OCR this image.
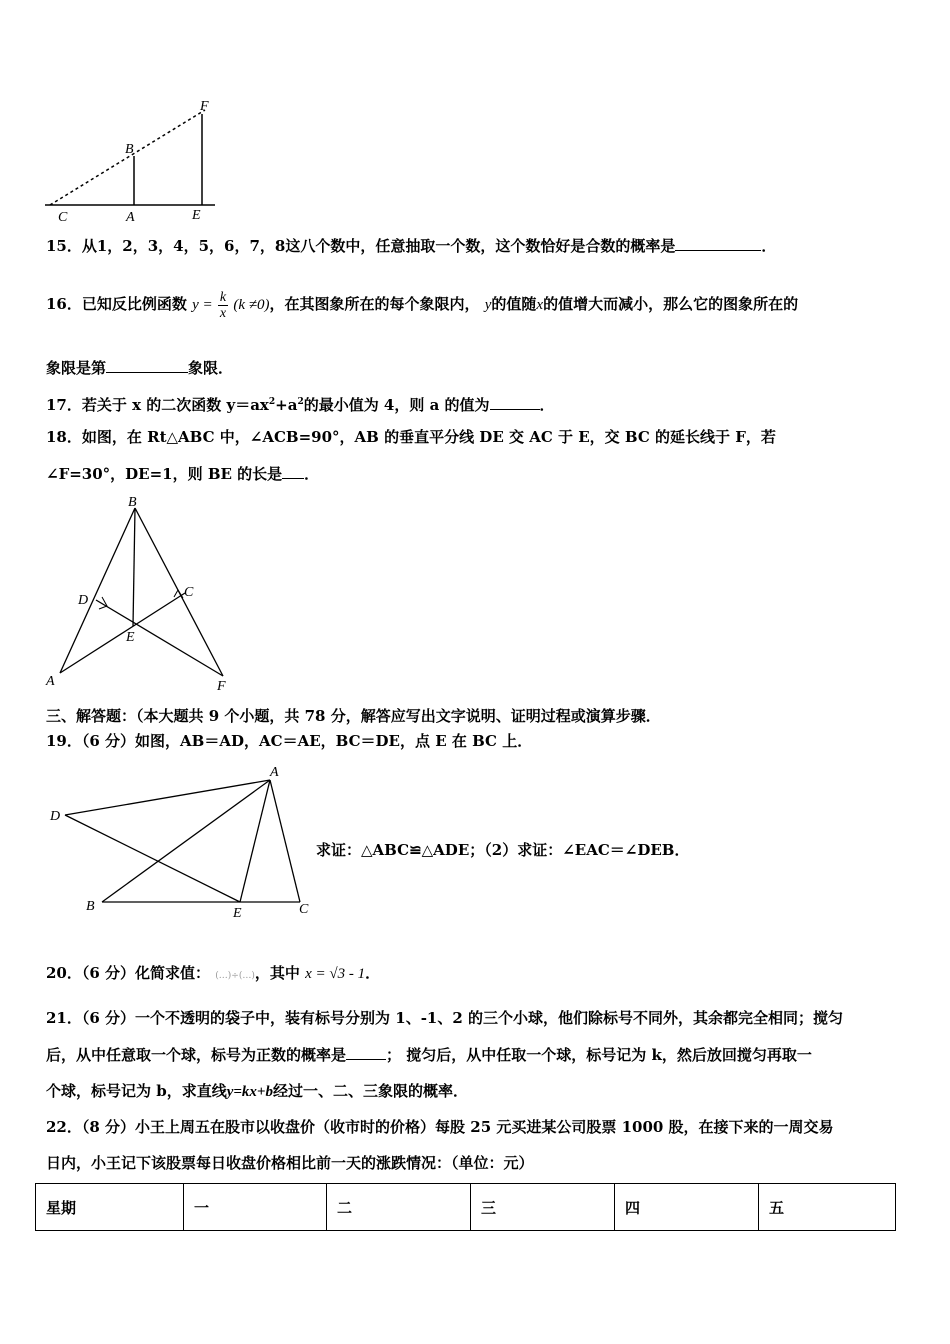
C	A	E
B
F
15．从1，2，3，4，5，6，7，8这八个数中，任意抽取一个数，这个数恰好是合数的概率是	．
16．已知反比例函数 $y = \frac{k}{x} (k \ne 0)$，在其图象所在的每个象限内， y的值随x的值增大而减小，那么它的图象所在的
象限是第	象限．
17．若关于 x 的二次函数 $y=ax^2+a^2$的最小值为 4，则 a 的值为	．
18．如图，在 Rt△ABC 中，∠ACB=90°，AB 的垂直平分线 DE 交 AC 于 E，交 BC 的延长线于 F，若
∠F=30°，DE=1，则 BE 的长是 ．
B
D
C
E
A	F
三、解答题：（本大题共 9 个小题，共 78 分，解答应写出文字说明、证明过程或演算步骤．
19．（6 分）如图，AB＝AD，AC＝AE，BC＝DE，点 E 在 BC 上．
A
D
B	E	C
求证：△ABC≌△ADE；（2）求证：∠EAC＝∠DEB．
20．（6 分）化简求值： (…)÷(…)，其中 x = √3 - 1．
21．（6 分）一个不透明的袋子中，装有标号分别为 1、-1、2 的三个小球，他们除标号不同外，其余都完全相同；搅匀
后，从中任意取一个球，标号为正数的概率是	； 搅匀后，从中任取一个球，标号记为 k，然后放回搅匀再取一
个球，标号记为 b，求直线y=kx+b经过一、二、三象限的概率．
22．（8 分）小王上周五在股市以收盘价（收市时的价格）每股 25 元买进某公司股票 1000 股，在接下来的一周交易
日内，小王记下该股票每日收盘价格相比前一天的涨跌情况：（单位：元）
星期	一	二	三	四	五
